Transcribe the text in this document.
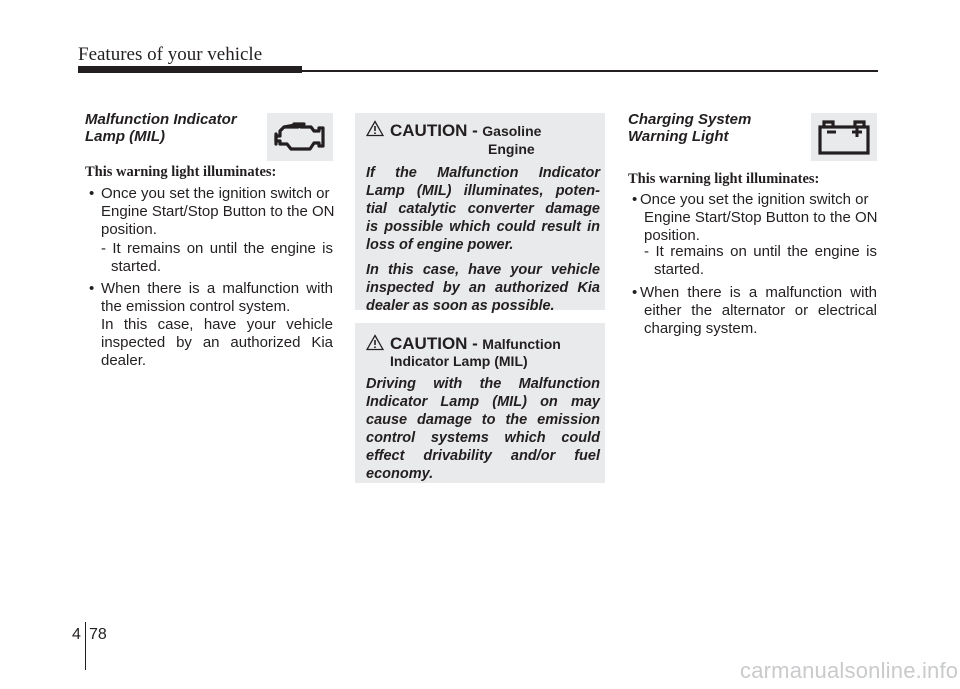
Features of your vehicle
Malfunction Indicator
Lamp (MIL)
This warning light illuminates:
• Once you set the ignition switch or
Engine Start/Stop Button to the ON
position.
- It remains on until the engine is
started.
• When there is a malfunction with
the emission control system.
In this case, have your vehicle
inspected by an authorized Kia
dealer.
CAUTION - Gasoline
Engine
If the Malfunction Indicator
Lamp (MIL) illuminates, poten-
tial catalytic converter damage
is possible which could result in
loss of engine power.
In this case, have your vehicle
inspected by an authorized Kia
dealer as soon as possible.
CAUTION - Malfunction
Indicator Lamp (MIL)
Driving with the Malfunction
Indicator Lamp (MIL) on may
cause damage to the emission
control systems which could
effect drivability and/or fuel
economy.
Charging System
Warning Light
This warning light illuminates:
• Once you set the ignition switch or
Engine Start/Stop Button to the ON
position.
- It remains on until the engine is
started.
• When there is a malfunction with
either the alternator or electrical
charging system.
4 78
carmanualsonline.info
